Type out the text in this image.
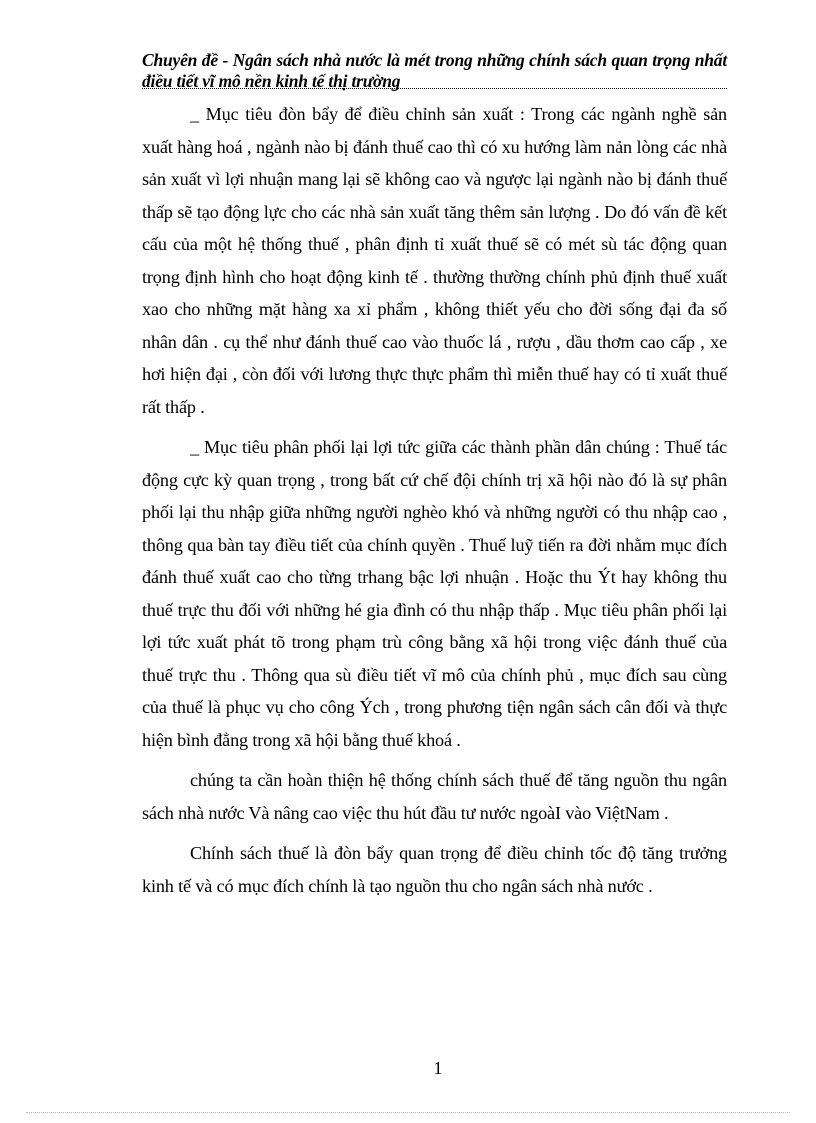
Chuyên đề - Ngân sách nhà nước là mét trong những chính sách quan trọng nhất điều tiết vĩ mô nền kinh tế thị trường

_ Mục tiêu đòn bẩy để điều chỉnh sản xuất : Trong các ngành nghề sản xuất hàng hoá , ngành nào bị đánh thuế cao thì có xu hướng làm nản lòng các nhà sản xuất vì lợi nhuận mang lại sẽ không cao và ngược lại ngành nào bị đánh thuế thấp sẽ tạo động lực cho các nhà sản xuất tăng thêm sản lượng . Do đó vấn đề kết cấu của một hệ thống thuế , phân định tỉ xuất thuế sẽ có mét sù tác động quan trọng định hình cho hoạt động kinh tế . thường thường chính phủ định thuế xuất xao cho những mặt hàng xa xỉ phẩm , không thiết yếu cho đời sống đại đa số nhân dân . cụ thể như đánh thuế cao vào thuốc lá , rượu , dầu thơm cao cấp , xe hơi hiện đại , còn đối với lương thực thực phẩm thì miễn thuế hay có tỉ xuất thuế rất thấp .

_ Mục tiêu phân phối lại lợi tức giữa các thành phần dân chúng : Thuế tác động cực kỳ quan trọng , trong bất cứ chế đội chính trị xã hội nào đó là sự phân phối lại thu nhập giữa những người nghèo khó và những người có thu nhập cao , thông qua bàn tay điều tiết của chính quyền . Thuế luỹ tiến ra đời nhằm mục đích đánh thuế xuất cao cho từng trhang bậc lợi nhuận . Hoặc thu Ýt hay không thu thuế trực thu đối với những hé gia đình có thu nhập thấp . Mục tiêu phân phối lại lợi tức xuất phát tõ trong phạm trù công bằng xã hội trong việc đánh thuế của thuế trực thu . Thông qua sù điều tiết vĩ mô của chính phủ , mục đích sau cùng của thuế là phục vụ cho công Ých , trong phương tiện ngân sách cân đối và thực hiện bình đẳng trong xã hội bằng thuế khoá .

chúng ta cần hoàn thiện hệ thống chính sách thuế để tăng nguồn thu ngân sách nhà nước Và nâng cao việc thu hút đầu tư nước ngoàI vào ViệtNam .

Chính sách thuế là đòn bẩy quan trọng để điều chỉnh tốc độ tăng trưởng kinh tế và có mục đích chính là tạo nguồn thu cho ngân sách nhà nước .

1
